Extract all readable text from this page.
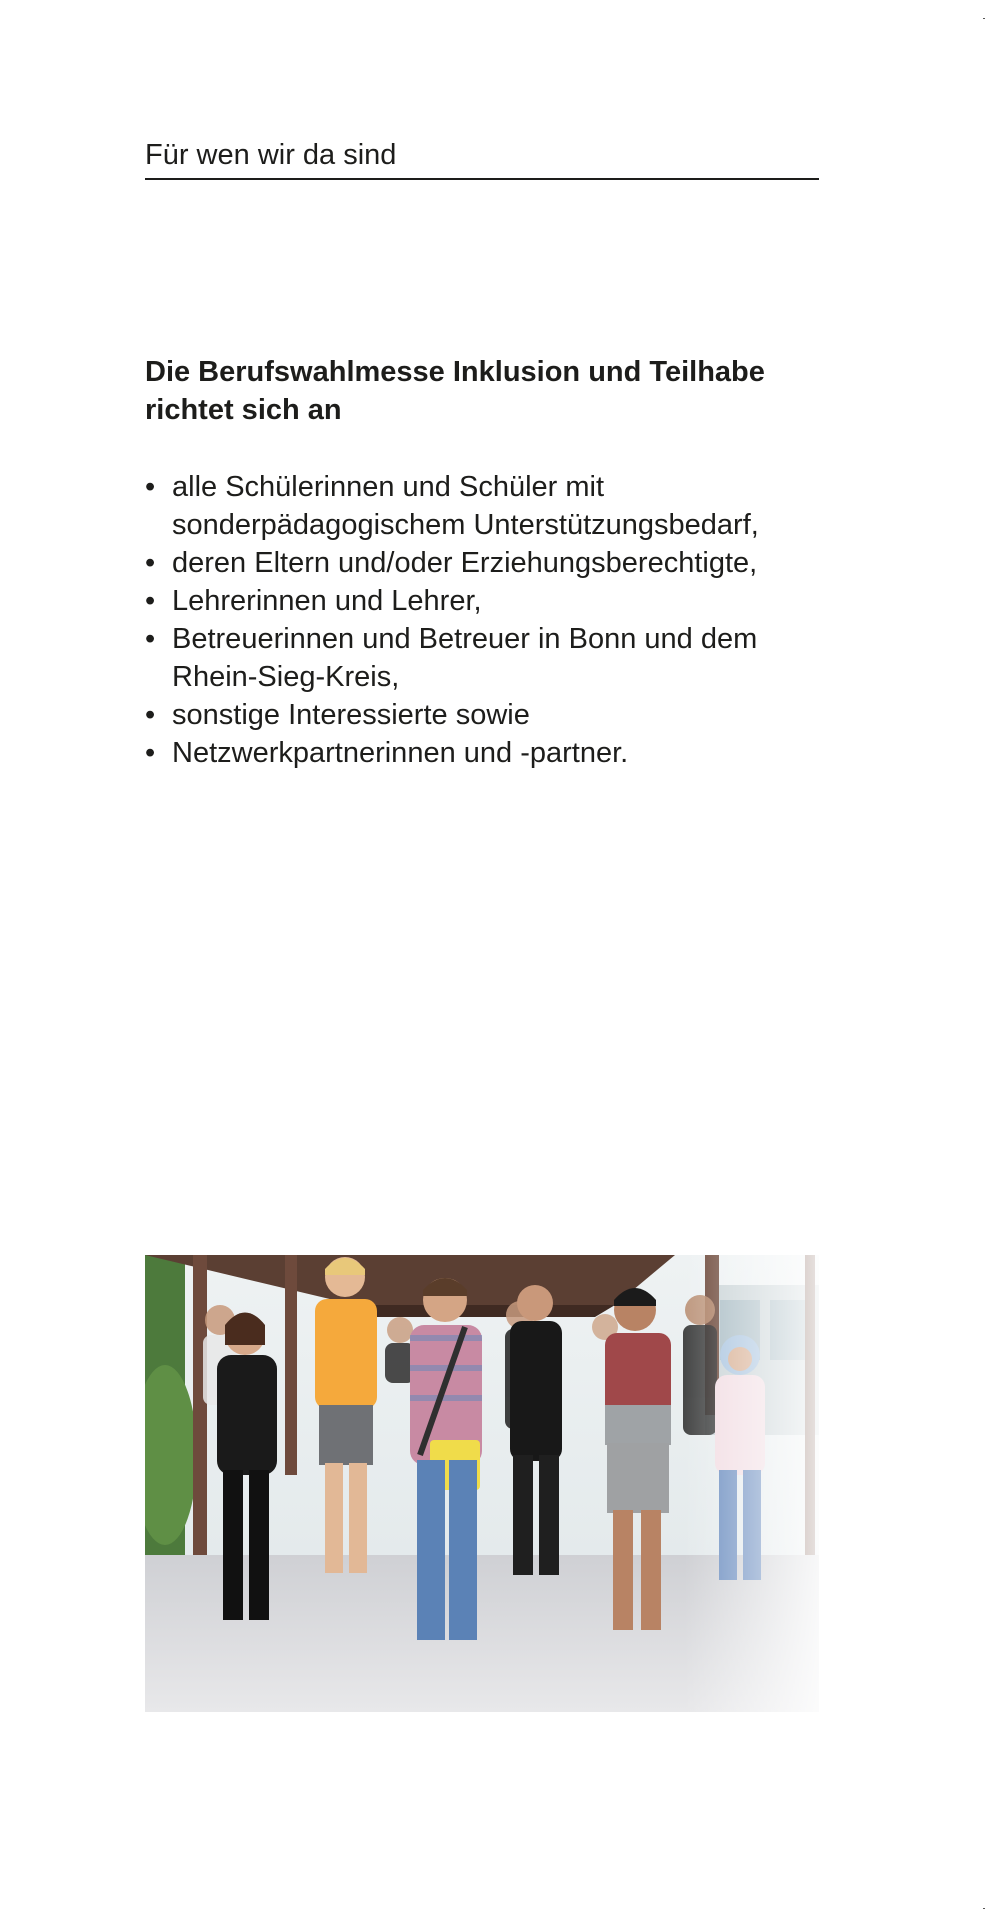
Für wen wir da sind
Die Berufswahlmesse Inklusion und Teilhabe
richtet sich an
• alle Schülerinnen und Schüler mit
sonderpädagogischem Unterstützungsbedarf,
• deren Eltern und/oder Erziehungsberechtigte,
• Lehrerinnen und Lehrer,
• Betreuerinnen und Betreuer in Bonn und dem
Rhein-Sieg-Kreis,
• sonstige Interessierte sowie
• Netzwerkpartnerinnen und -partner.
